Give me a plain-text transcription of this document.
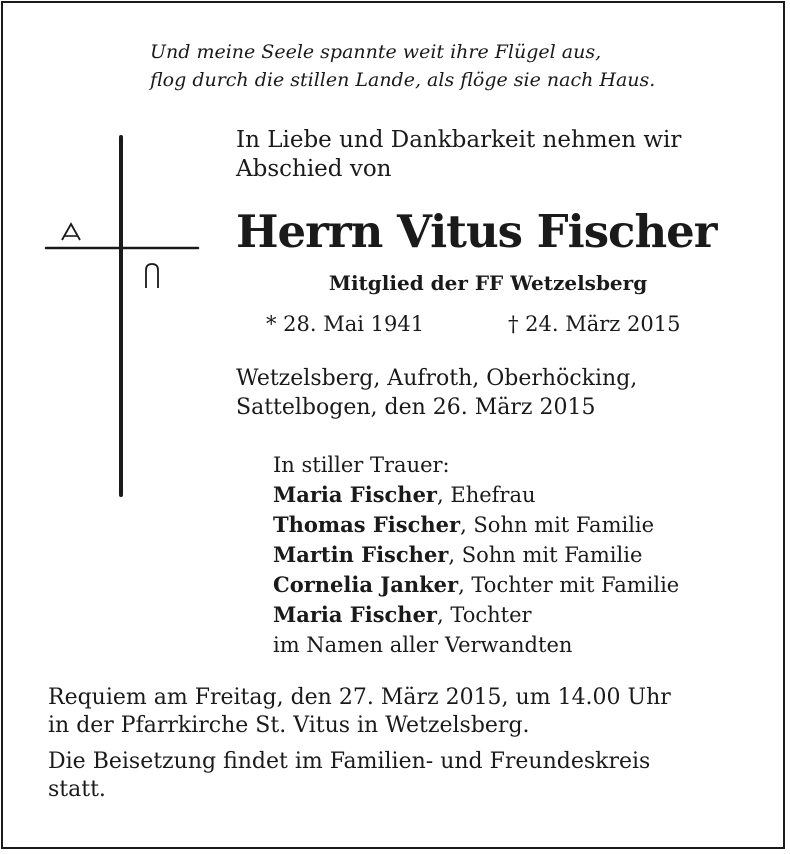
Und meine Seele spannte weit ihre Flügel aus,
flog durch die stillen Lande, als flöge sie nach Haus.
In Liebe und Dankbarkeit nehmen wir
Abschied von
Herrn Vitus Fischer
Mitglied der FF Wetzelsberg
* 28. Mai 1941	† 24. März 2015
Wetzelsberg, Aufroth, Oberhöcking,
Sattelbogen, den 26. März 2015
In stiller Trauer:
Maria Fischer, Ehefrau
Thomas Fischer, Sohn mit Familie
Martin Fischer, Sohn mit Familie
Cornelia Janker, Tochter mit Familie
Maria Fischer, Tochter
im Namen aller Verwandten
Requiem am Freitag, den 27. März 2015, um 14.00 Uhr
in der Pfarrkirche St. Vitus in Wetzelsberg.
Die Beisetzung findet im Familien- und Freundeskreis
statt.
